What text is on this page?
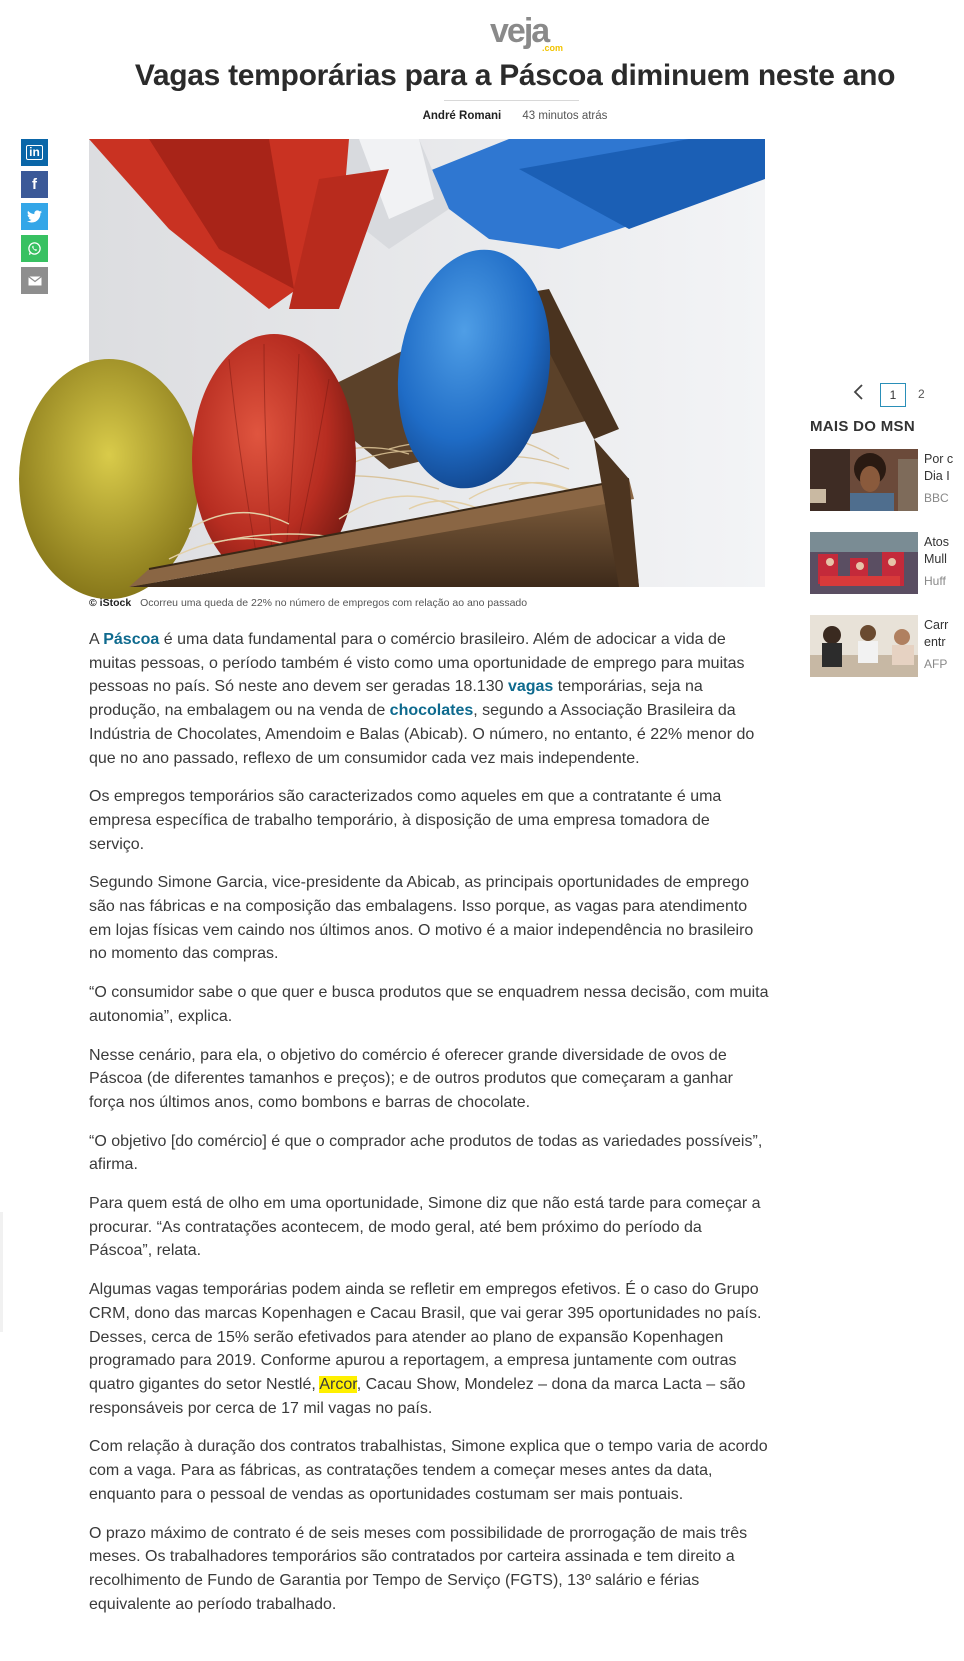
veja
.com
Vagas temporárias para a Páscoa diminuem neste ano
André Romani 43 minutos atrás
in
f
© iStock Ocorreu uma queda de 22% no número de empregos com relação ao ano passado

A Páscoa é uma data fundamental para o comércio brasileiro. Além de adocicar a vida de muitas pessoas, o período também é visto como uma oportunidade de emprego para muitas pessoas no país. Só neste ano devem ser geradas 18.130 vagas temporárias, seja na produção, na embalagem ou na venda de chocolates, segundo a Associação Brasileira da Indústria de Chocolates, Amendoim e Balas (Abicab). O número, no entanto, é 22% menor do que no ano passado, reflexo de um consumidor cada vez mais independente.

Os empregos temporários são caracterizados como aqueles em que a contratante é uma empresa específica de trabalho temporário, à disposição de uma empresa tomadora de serviço.

Segundo Simone Garcia, vice-presidente da Abicab, as principais oportunidades de emprego são nas fábricas e na composição das embalagens. Isso porque, as vagas para atendimento em lojas físicas vem caindo nos últimos anos. O motivo é a maior independência no brasileiro no momento das compras.

“O consumidor sabe o que quer e busca produtos que se enquadrem nessa decisão, com muita autonomia”, explica.

Nesse cenário, para ela, o objetivo do comércio é oferecer grande diversidade de ovos de Páscoa (de diferentes tamanhos e preços); e de outros produtos que começaram a ganhar força nos últimos anos, como bombons e barras de chocolate.

“O objetivo [do comércio] é que o comprador ache produtos de todas as variedades possíveis”, afirma.

Para quem está de olho em uma oportunidade, Simone diz que não está tarde para começar a procurar. “As contratações acontecem, de modo geral, até bem próximo do período da Páscoa”, relata.

Algumas vagas temporárias podem ainda se refletir em empregos efetivos. É o caso do Grupo CRM, dono das marcas Kopenhagen e Cacau Brasil, que vai gerar 395 oportunidades no país. Desses, cerca de 15% serão efetivados para atender ao plano de expansão Kopenhagen programado para 2019. Conforme apurou a reportagem, a empresa juntamente com outras quatro gigantes do setor Nestlé, Arcor, Cacau Show, Mondelez – dona da marca Lacta – são responsáveis por cerca de 17 mil vagas no país.

Com relação à duração dos contratos trabalhistas, Simone explica que o tempo varia de acordo com a vaga. Para as fábricas, as contratações tendem a começar meses antes da data, enquanto para o pessoal de vendas as oportunidades costumam ser mais pontuais.

O prazo máximo de contrato é de seis meses com possibilidade de prorrogação de mais três meses. Os trabalhadores temporários são contratados por carteira assinada e tem direito a recolhimento de Fundo de Garantia por Tempo de Serviço (FGTS), 13º salário e férias equivalente ao período trabalhado.

1	2
MAIS DO MSN
Por c
Dia I
BBC
Atos
Mull
Huff
Carr
entr
AFP
